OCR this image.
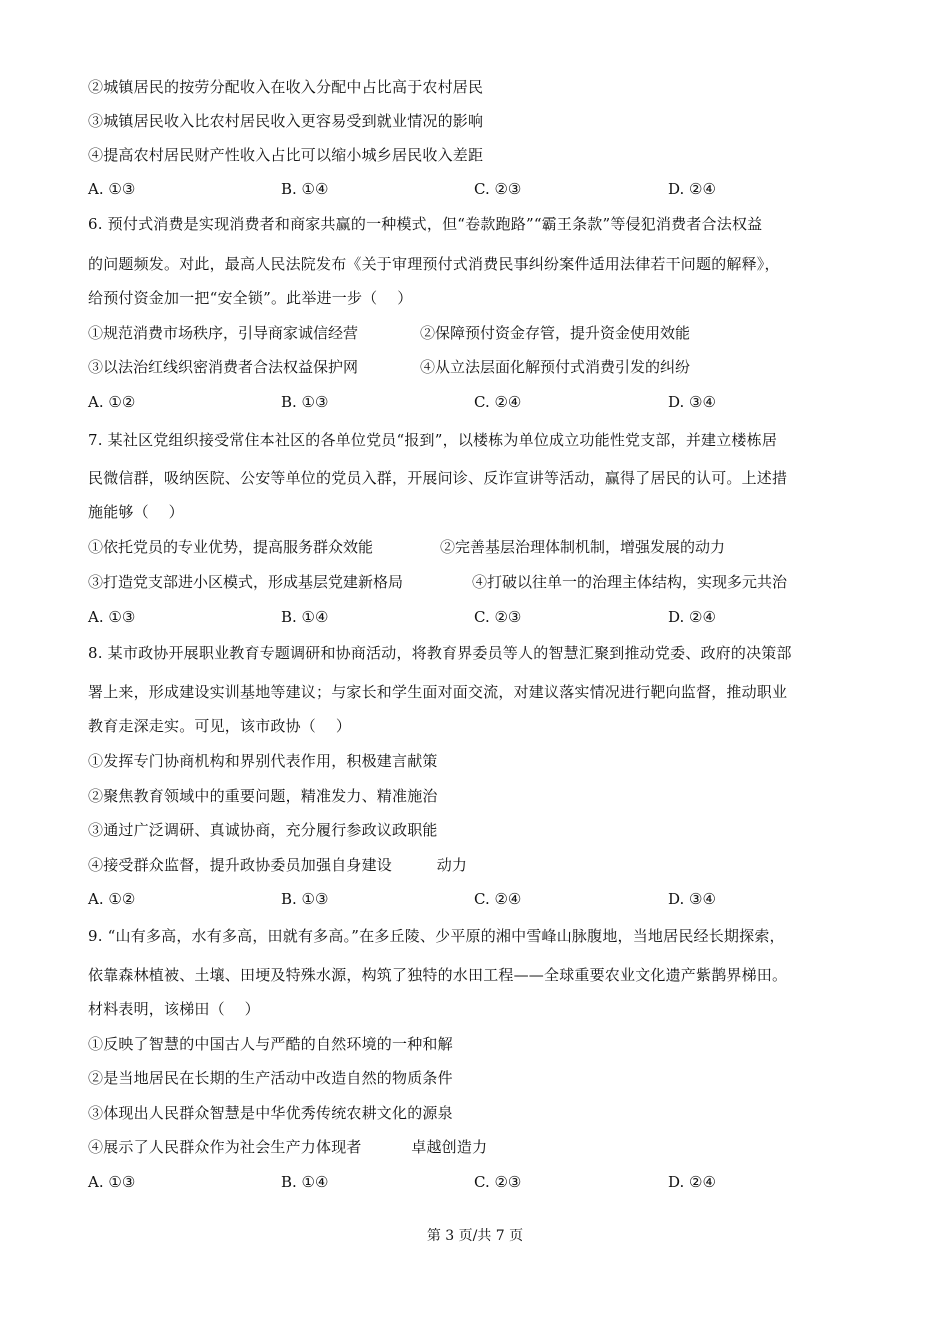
②城镇居民的按劳分配收入在收入分配中占比高于农村居民
③城镇居民收入比农村居民收入更容易受到就业情况的影响
④提高农村居民财产性收入占比可以缩小城乡居民收入差距
A. ①③	B. ①④	C. ②③	D. ②④
6. 预付式消费是实现消费者和商家共赢的一种模式，但“卷款跑路”“霸王条款”等侵犯消费者合法权益
的问题频发。对此，最高人民法院发布《关于审理预付式消费民事纠纷案件适用法律若干问题的解释》，
给预付资金加一把“安全锁”。此举进一步（    ）
①规范消费市场秩序，引导商家诚信经营	②保障预付资金存管，提升资金使用效能
③以法治红线织密消费者合法权益保护网	④从立法层面化解预付式消费引发的纠纷
A. ①②	B. ①③	C. ②④	D. ③④
7. 某社区党组织接受常住本社区的各单位党员“报到”，以楼栋为单位成立功能性党支部，并建立楼栋居
民微信群，吸纳医院、公安等单位的党员入群，开展问诊、反诈宣讲等活动，赢得了居民的认可。上述措
施能够（    ）
①依托党员的专业优势，提高服务群众效能	②完善基层治理体制机制，增强发展的动力
③打造党支部进小区模式，形成基层党建新格局	④打破以往单一的治理主体结构，实现多元共治
A. ①③	B. ①④	C. ②③	D. ②④
8. 某市政协开展职业教育专题调研和协商活动，将教育界委员等人的智慧汇聚到推动党委、政府的决策部
署上来，形成建设实训基地等建议；与家长和学生面对面交流，对建议落实情况进行靶向监督，推动职业
教育走深走实。可见，该市政协（    ）
①发挥专门协商机构和界别代表作用，积极建言献策
②聚焦教育领域中的重要问题，精准发力、精准施治
③通过广泛调研、真诚协商，充分履行参政议政职能
④接受群众监督，提升政协委员加强自身建设         动力
A. ①②	B. ①③	C. ②④	D. ③④
9. “山有多高，水有多高，田就有多高。”在多丘陵、少平原的湘中雪峰山脉腹地，当地居民经长期探索，
依靠森林植被、土壤、田埂及特殊水源，构筑了独特的水田工程——全球重要农业文化遗产紫鹊界梯田。
材料表明，该梯田（    ）
①反映了智慧的中国古人与严酷的自然环境的一种和解
②是当地居民在长期的生产活动中改造自然的物质条件
③体现出人民群众智慧是中华优秀传统农耕文化的源泉
④展示了人民群众作为社会生产力体现者          卓越创造力
A. ①③	B. ①④	C. ②③	D. ②④
第 3 页/共 7 页
